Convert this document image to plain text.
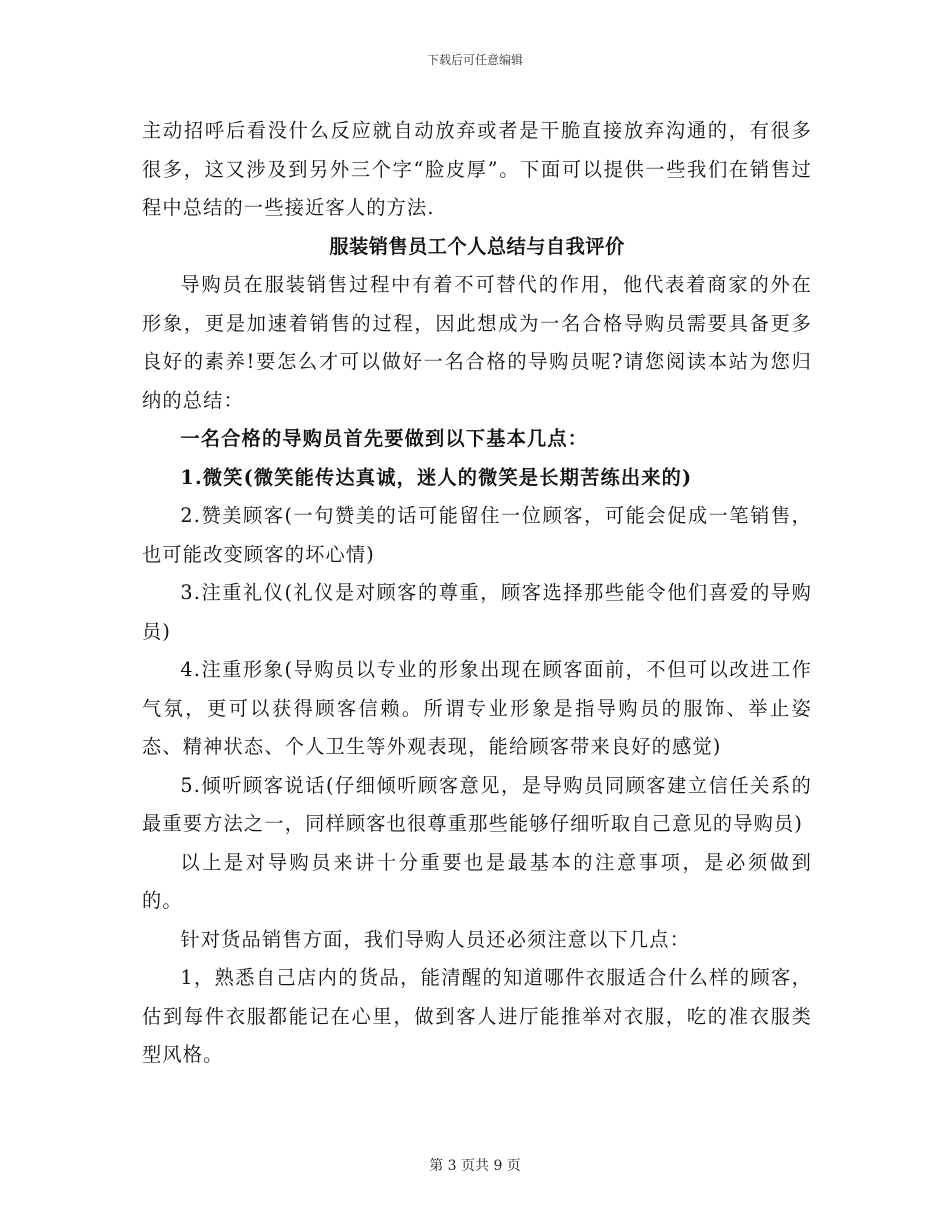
下载后可任意编辑

主动招呼后看没什么反应就自动放弃或者是干脆直接放弃沟通的，有很多很多，这又涉及到另外三个字“脸皮厚”。下面可以提供一些我们在销售过程中总结的一些接近客人的方法.

服装销售员工个人总结与自我评价

导购员在服装销售过程中有着不可替代的作用，他代表着商家的外在形象，更是加速着销售的过程，因此想成为一名合格导购员需要具备更多良好的素养!要怎么才可以做好一名合格的导购员呢?请您阅读本站为您归纳的总结：

一名合格的导购员首先要做到以下基本几点：

1.微笑(微笑能传达真诚，迷人的微笑是长期苦练出来的)

2.赞美顾客(一句赞美的话可能留住一位顾客，可能会促成一笔销售，也可能改变顾客的坏心情)

3.注重礼仪(礼仪是对顾客的尊重，顾客选择那些能令他们喜爱的导购员)

4.注重形象(导购员以专业的形象出现在顾客面前，不但可以改进工作气氛，更可以获得顾客信赖。所谓专业形象是指导购员的服饰、举止姿态、精神状态、个人卫生等外观表现，能给顾客带来良好的感觉)

5.倾听顾客说话(仔细倾听顾客意见，是导购员同顾客建立信任关系的最重要方法之一，同样顾客也很尊重那些能够仔细听取自己意见的导购员)

以上是对导购员来讲十分重要也是最基本的注意事项，是必须做到的。

针对货品销售方面，我们导购人员还必须注意以下几点：

1，熟悉自己店内的货品，能清醒的知道哪件衣服适合什么样的顾客，估到每件衣服都能记在心里，做到客人进厅能推举对衣服，吃的准衣服类型风格。

第 3 页共 9 页
